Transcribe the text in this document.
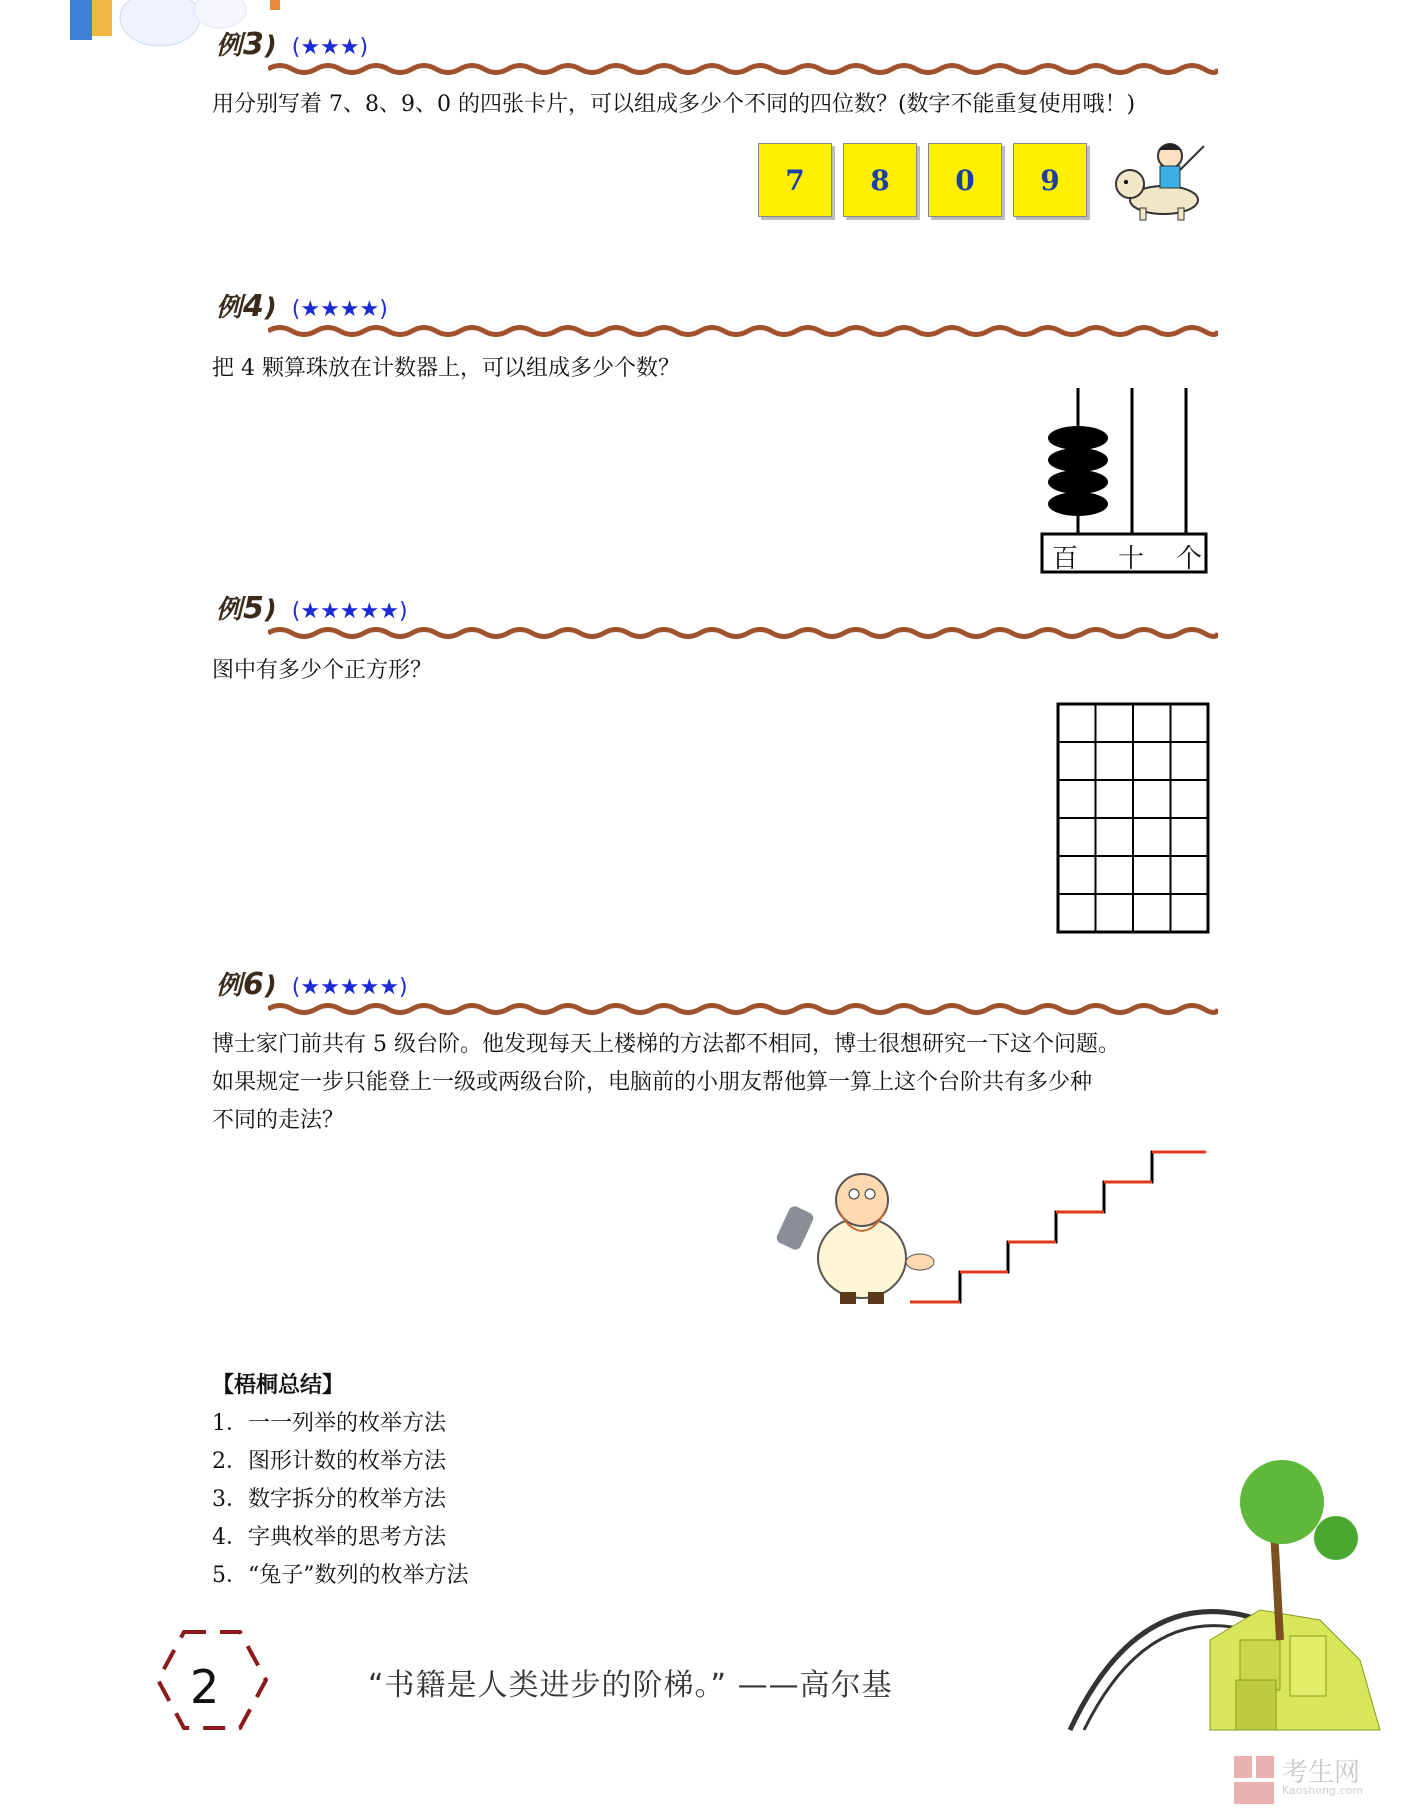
例3) (★★★)
用分别写着 7、8、9、0 的四张卡片，可以组成多少个不同的四位数？(数字不能重复使用哦！)
7	8	0	9
例4) (★★★★)
把 4 颗算珠放在计数器上，可以组成多少个数？
百 十 个
例5) (★★★★★)
图中有多少个正方形？
例6) (★★★★★)
博士家门前共有 5 级台阶。他发现每天上楼梯的方法都不相同，博士很想研究一下这个问题。
如果规定一步只能登上一级或两级台阶，电脑前的小朋友帮他算一算上这个台阶共有多少种
不同的走法？
【梧桐总结】
1．一一列举的枚举方法
2．图形计数的枚举方法
3．数字拆分的枚举方法
4．字典枚举的思考方法
5．“兔子”数列的枚举方法
2	“书籍是人类进步的阶梯。” ——高尔基
考生网
Kaosheng.com
